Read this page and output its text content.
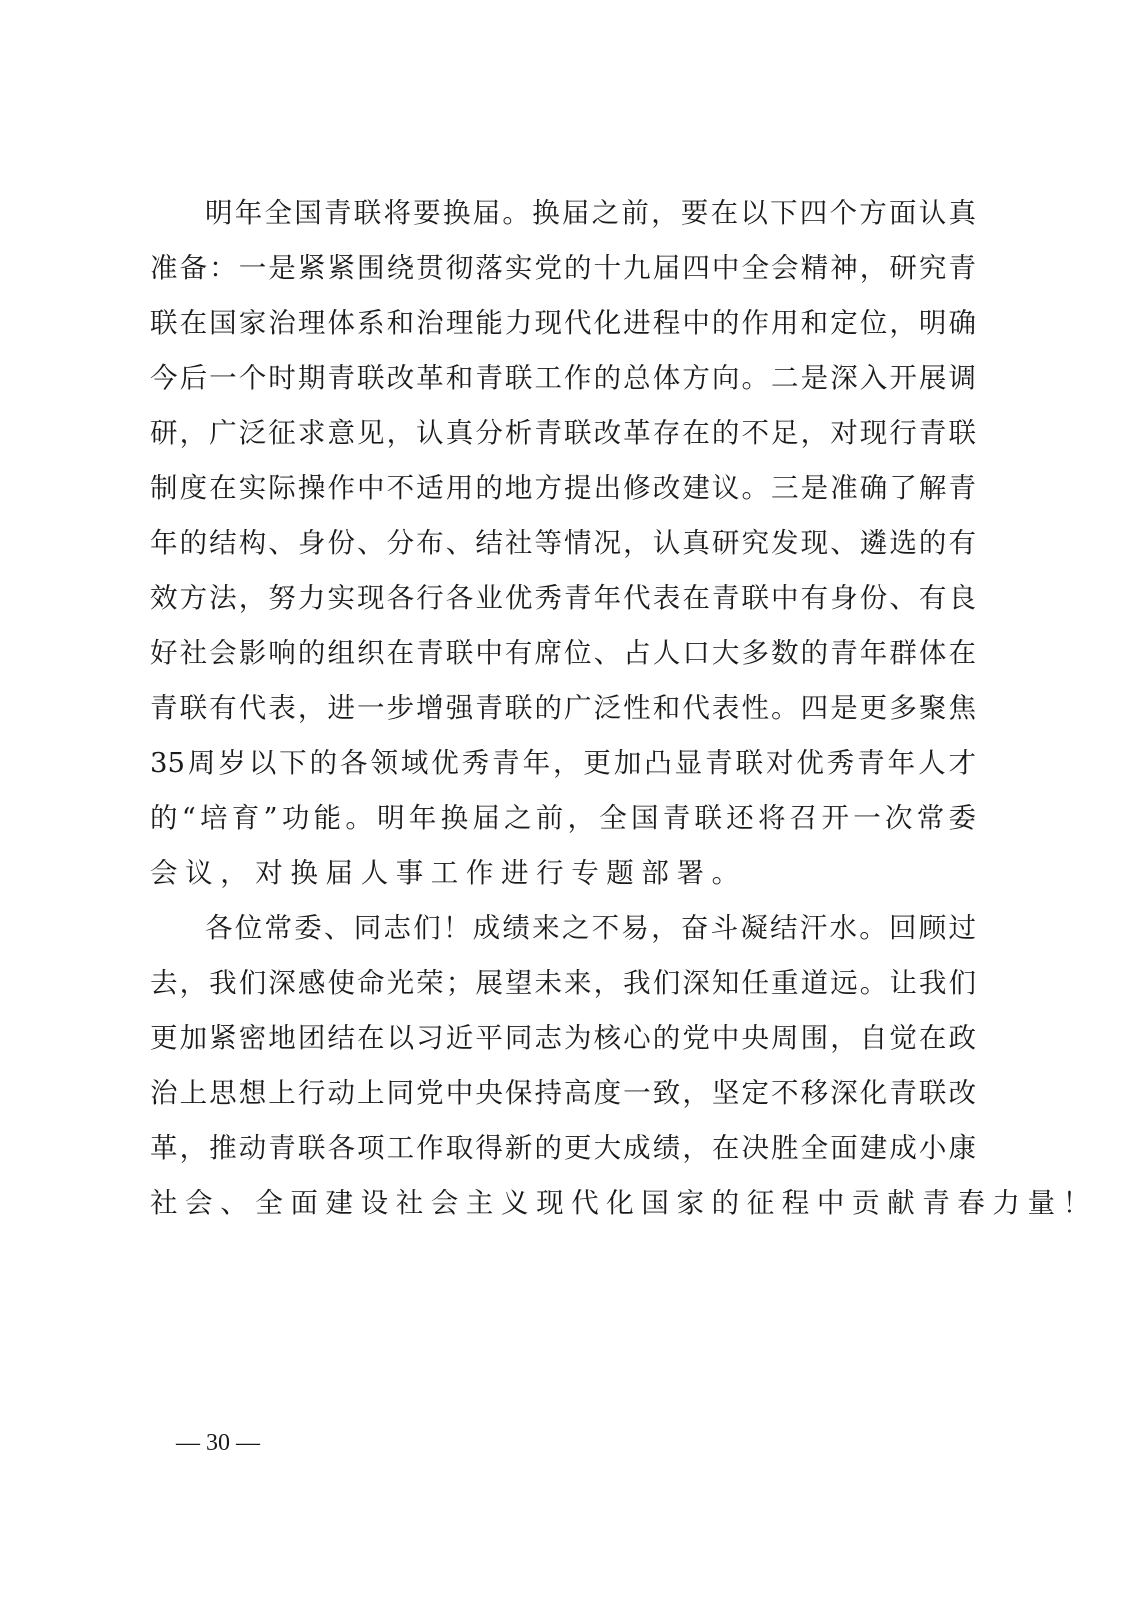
明年全国青联将要换届。换届之前，要在以下四个方面认真
准备：一是紧紧围绕贯彻落实党的十九届四中全会精神，研究青
联在国家治理体系和治理能力现代化进程中的作用和定位，明确
今后一个时期青联改革和青联工作的总体方向。二是深入开展调
研，广泛征求意见，认真分析青联改革存在的不足，对现行青联
制度在实际操作中不适用的地方提出修改建议。三是准确了解青
年的结构、身份、分布、结社等情况，认真研究发现、遴选的有
效方法，努力实现各行各业优秀青年代表在青联中有身份、有良
好社会影响的组织在青联中有席位、占人口大多数的青年群体在
青联有代表，进一步增强青联的广泛性和代表性。四是更多聚焦
35周岁以下的各领域优秀青年，更加凸显青联对优秀青年人才
的“培育”功能。明年换届之前，全国青联还将召开一次常委
会议，对换届人事工作进行专题部署。
各位常委、同志们！成绩来之不易，奋斗凝结汗水。回顾过
去，我们深感使命光荣；展望未来，我们深知任重道远。让我们
更加紧密地团结在以习近平同志为核心的党中央周围，自觉在政
治上思想上行动上同党中央保持高度一致，坚定不移深化青联改
革，推动青联各项工作取得新的更大成绩，在决胜全面建成小康
社会、全面建设社会主义现代化国家的征程中贡献青春力量！
— 30 —
